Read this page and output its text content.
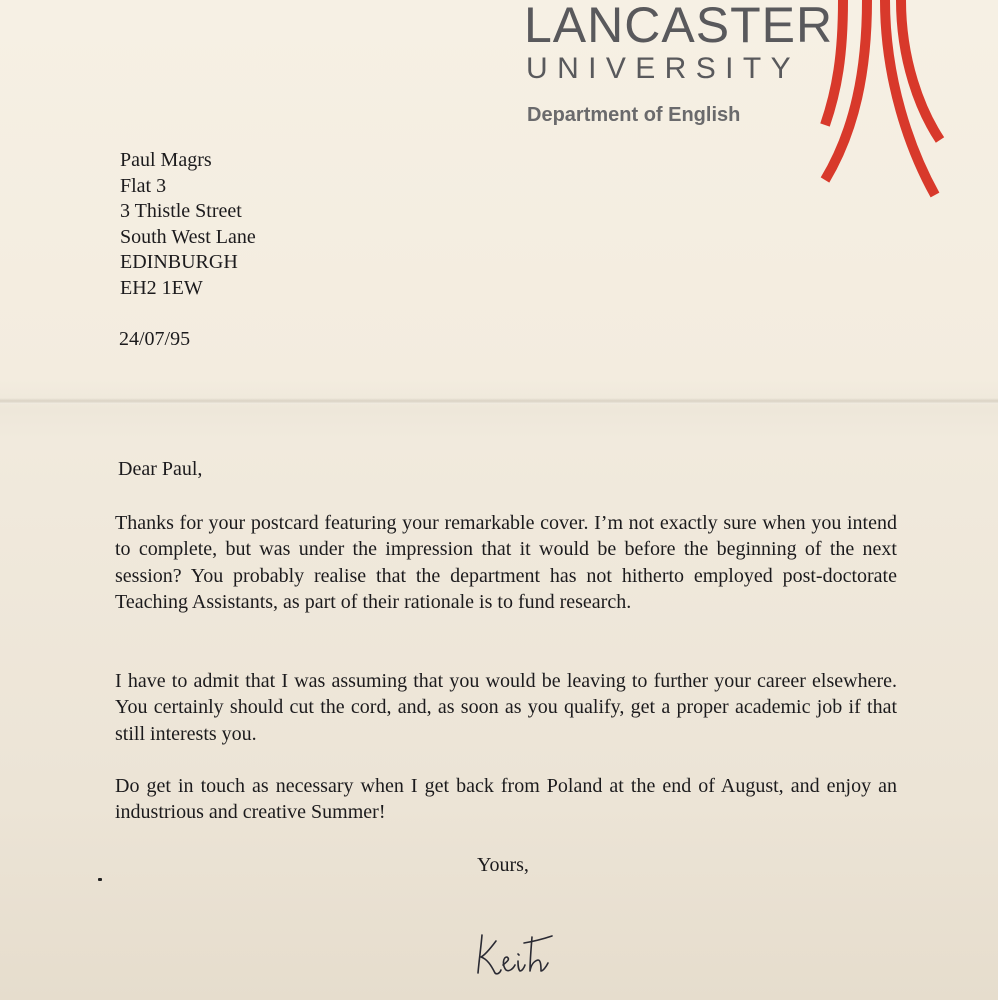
LANCASTER
UNIVERSITY
Department of English
Paul Magrs
Flat 3
3 Thistle Street
South West Lane
EDINBURGH
EH2 1EW
24/07/95
Dear Paul,

Thanks for your postcard featuring your remarkable cover. I’m not exactly sure when you intend to complete, but was under the impression that it would be before the beginning of the next session? You probably realise that the department has not hitherto employed post-doctorate Teaching Assistants, as part of their rationale is to fund research.

I have to admit that I was assuming that you would be leaving to further your career elsewhere. You certainly should cut the cord, and, as soon as you qualify, get a proper academic job if that still interests you.

Do get in touch as necessary when I get back from Poland at the end of August, and enjoy an industrious and creative Summer!

Yours,
